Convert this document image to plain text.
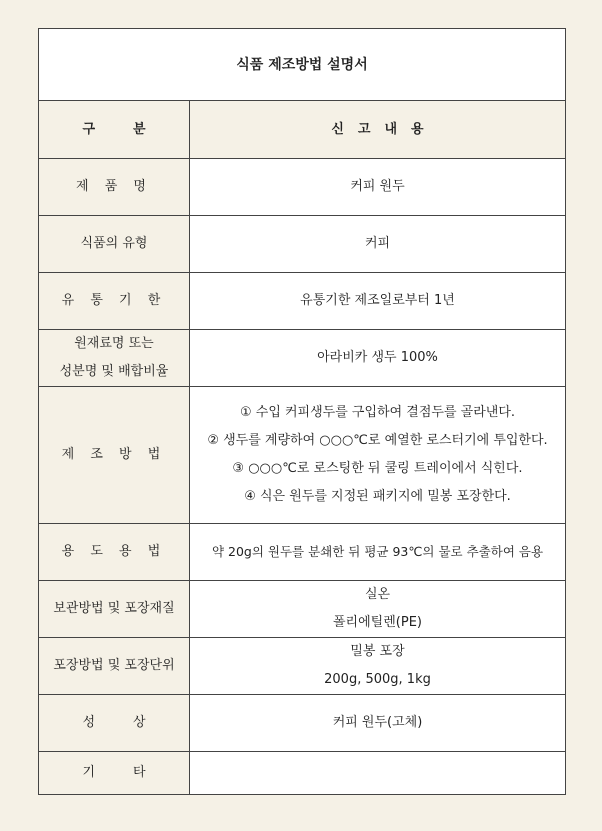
식품 제조방법 설명서	
구분	신고내용
제 품 명	커피 원두
식품의 유형	커피
유 통 기 한	유통기한 제조일로부터 1년

원재료명 또는
성분명 및 배합비율	아라비카 생두 100%
제 조 방 법	① 수입 커피생두를 구입하여 결점두를 골라낸다.
② 생두를 계량하여 ○○○℃로 예열한 로스터기에 투입한다.
③ ○○○℃로 로스팅한 뒤 쿨링 트레이에서 식힌다.
④ 식은 원두를 지정된 패키지에 밀봉 포장한다.

용 도 용 법	약 20g의 원두를 분쇄한 뒤 평균 93℃의 물로 추출하여 음용
보관방법 및 포장재질	실온
폴리에틸렌(PE)

포장방법 및 포장단위	밀봉 포장
200g, 500g, 1kg

성상	커피 원두(고체)
기타	
